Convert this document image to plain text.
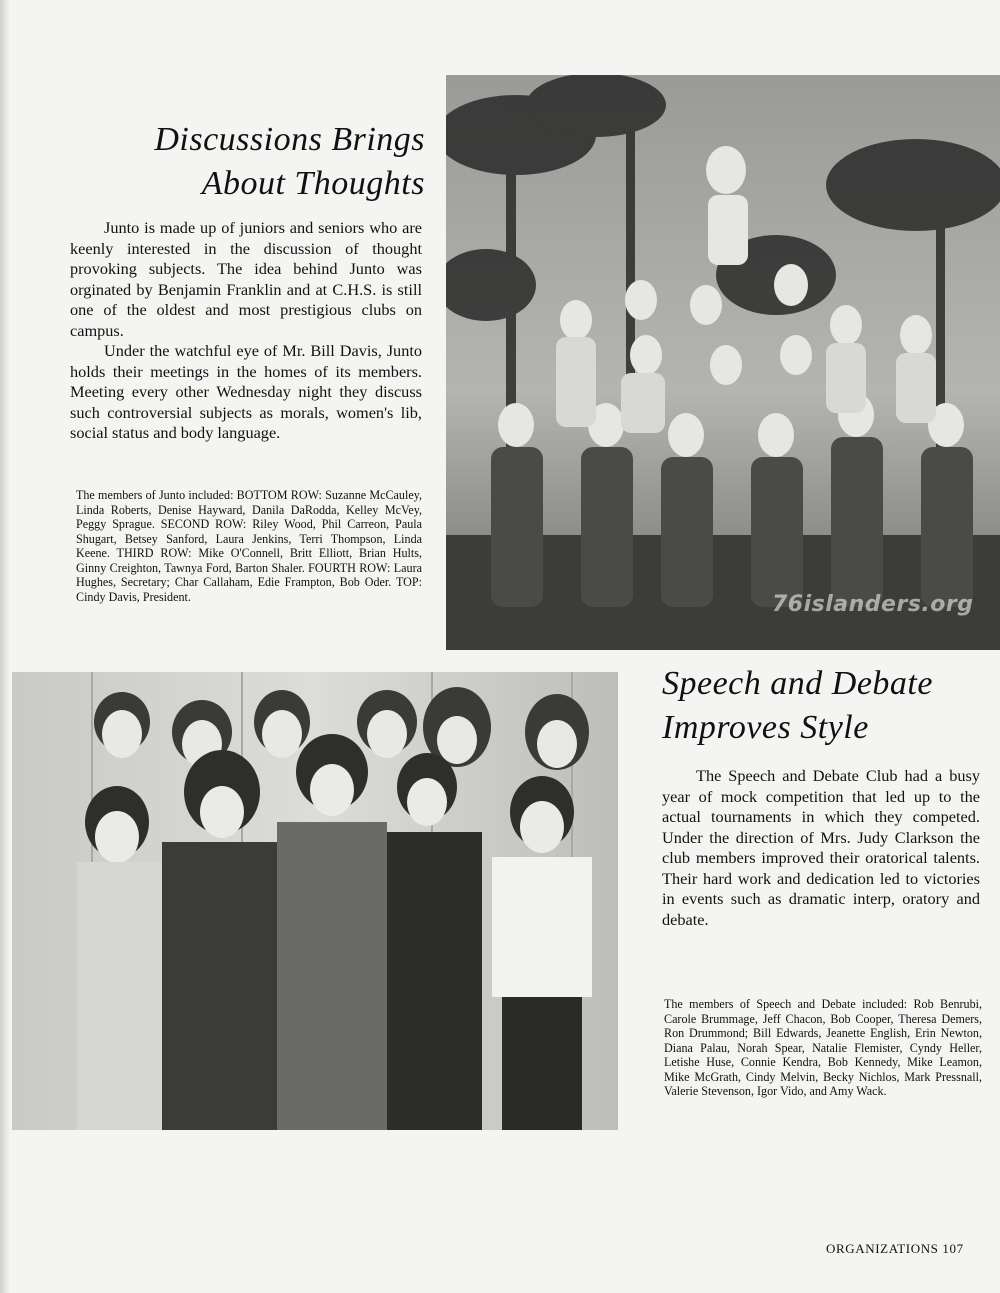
Discussions Brings
About Thoughts

Junto is made up of juniors and seniors who are keenly interested in the discussion of thought provoking subjects. The idea behind Junto was orginated by Benjamin Franklin and at C.H.S. is still one of the oldest and most prestigious clubs on campus.

Under the watchful eye of Mr. Bill Davis, Junto holds their meetings in the homes of its members. Meeting every other Wednesday night they discuss such controversial subjects as morals, women's lib, social status and body language.

The members of Junto included: BOTTOM ROW: Suzanne McCauley, Linda Roberts, Denise Hayward, Danila DaRodda, Kelley McVey, Peggy Sprague. SECOND ROW: Riley Wood, Phil Carreon, Paula Shugart, Betsey Sanford, Laura Jenkins, Terri Thompson, Linda Keene. THIRD ROW: Mike O'Connell, Britt Elliott, Brian Hults, Ginny Creighton, Tawnya Ford, Barton Shaler. FOURTH ROW: Laura Hughes, Secretary; Char Callaham, Edie Frampton, Bob Oder. TOP: Cindy Davis, President.	76islanders.org
Speech and Debate
Improves Style

The Speech and Debate Club had a busy year of mock competition that led up to the actual tournaments in which they competed. Under the direction of Mrs. Judy Clarkson the club members improved their oratorical talents. Their hard work and dedication led to victories in events such as dramatic interp, oratory and debate.

The members of Speech and Debate included: Rob Benrubi, Carole Brummage, Jeff Chacon, Bob Cooper, Theresa Demers, Ron Drummond; Bill Edwards, Jeanette English, Erin Newton, Diana Palau, Norah Spear, Natalie Flemister, Cyndy Heller, Letishe Huse, Connie Kendra, Bob Kennedy, Mike Leamon, Mike McGrath, Cindy Melvin, Becky Nichlos, Mark Pressnall, Valerie Stevenson, Igor Vido, and Amy Wack.

ORGANIZATIONS 107
